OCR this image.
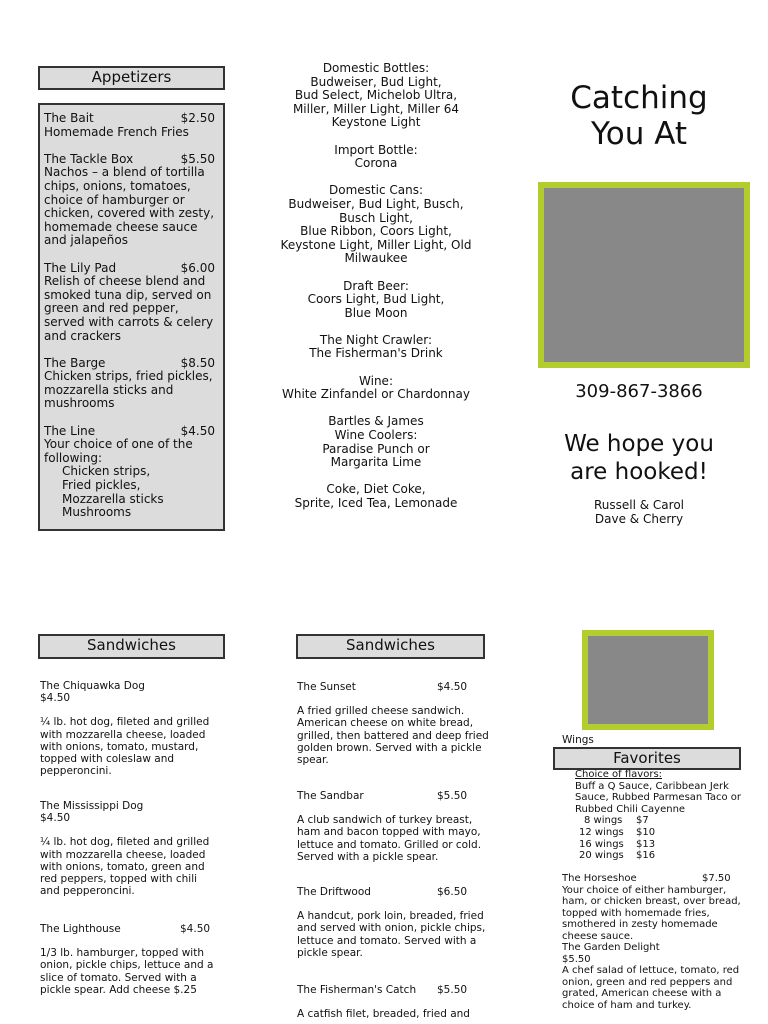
Appetizers
The Bait	$2.50
Homemade French Fries
The Tackle Box	$5.50
Nachos – a blend of tortilla chips, onions, tomatoes, choice of hamburger or chicken, covered with zesty, homemade cheese sauce and jalapeños
The Lily Pad	$6.00
Relish of cheese blend and smoked tuna dip, served on green and red pepper, served with carrots & celery and crackers
The Barge	$8.50
Chicken strips, fried pickles, mozzarella sticks and mushrooms
The Line	$4.50
Your choice of one of the following:
Chicken strips,
Fried pickles,
Mozzarella sticks
Mushrooms
Domestic Bottles:
Budweiser, Bud Light,
Bud Select, Michelob Ultra,
Miller, Miller Light, Miller 64
Keystone Light
Import Bottle:
Corona
Domestic Cans:
Budweiser, Bud Light, Busch,
Busch Light,
Blue Ribbon, Coors Light,
Keystone Light, Miller Light, Old
Milwaukee
Draft Beer:
Coors Light, Bud Light,
Blue Moon
The Night Crawler:
The Fisherman's Drink
Wine:
White Zinfandel or Chardonnay
Bartles & James
Wine Coolers:
Paradise Punch or
Margarita Lime
Coke, Diet Coke,
Sprite, Iced Tea, Lemonade
Catching
You At
309-867-3866
We hope you
are hooked!
Russell & Carol
Dave & Cherry
Sandwiches
The Chiquawka Dog
$4.50
¼ lb. hot dog, fileted and grilled with mozzarella cheese, loaded with onions, tomato, mustard, topped with coleslaw and pepperoncini.
The Mississippi Dog
$4.50
¼ lb. hot dog, fileted and grilled with mozzarella cheese, loaded with onions, tomato, green and red peppers, topped with chili and pepperoncini.
The Lighthouse	$4.50
1/3 lb. hamburger, topped with onion, pickle chips, lettuce and a slice of tomato. Served with a pickle spear. Add cheese $.25
Sandwiches
The Sunset	$4.50
A fried grilled cheese sandwich. American cheese on white bread, grilled, then battered and deep fried golden brown. Served with a pickle spear.
The Sandbar	$5.50
A club sandwich of turkey breast, ham and bacon topped with mayo, lettuce and tomato. Grilled or cold. Served with a pickle spear.
The Driftwood	$6.50
A handcut, pork loin, breaded, fried and served with onion, pickle chips, lettuce and tomato. Served with a pickle spear.
The Fisherman's Catch $5.50
A catfish filet, breaded, fried and
Wings
Favorites
Choice of flavors:
Buff a Q Sauce, Caribbean Jerk Sauce, Rubbed Parmesan Taco or Rubbed Chili Cayenne
8 wings $7
12 wings $10
16 wings $13
20 wings $16
The Horseshoe	$7.50
Your choice of either hamburger, ham, or chicken breast, over bread, topped with homemade fries, smothered in zesty homemade cheese sauce.
The Garden Delight
$5.50
A chef salad of lettuce, tomato, red onion, green and red peppers and grated, American cheese with a choice of ham and turkey.
